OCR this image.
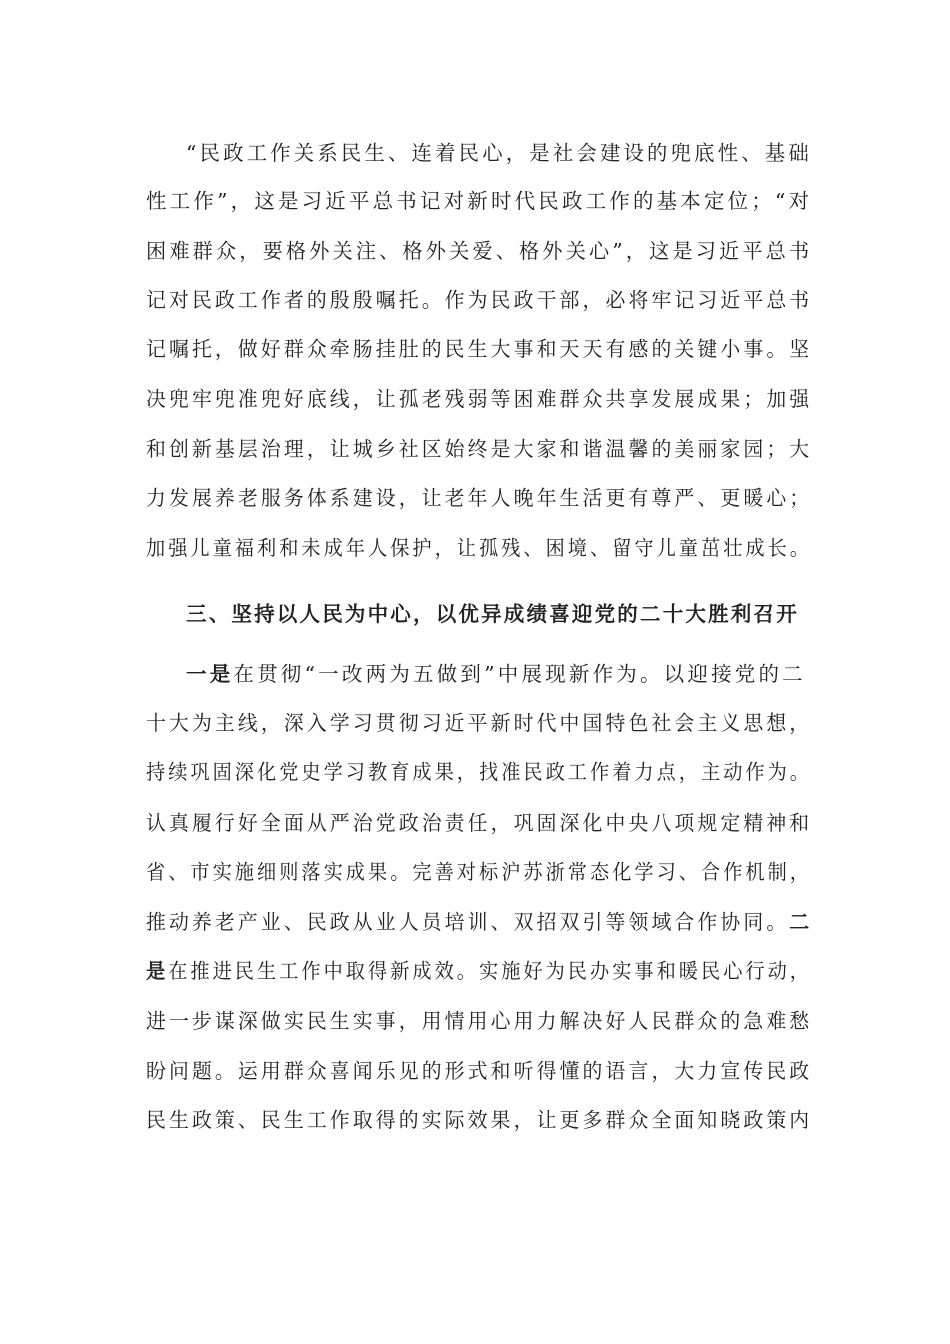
“民政工作关系民生、连着民心，是社会建设的兜底性、基础
性工作”，这是习近平总书记对新时代民政工作的基本定位；“对
困难群众，要格外关注、格外关爱、格外关心”，这是习近平总书
记对民政工作者的殷殷嘱托。作为民政干部，必将牢记习近平总书
记嘱托，做好群众牵肠挂肚的民生大事和天天有感的关键小事。坚
决兜牢兜准兜好底线，让孤老残弱等困难群众共享发展成果；加强
和创新基层治理，让城乡社区始终是大家和谐温馨的美丽家园；大
力发展养老服务体系建设，让老年人晚年生活更有尊严、更暖心；
加强儿童福利和未成年人保护，让孤残、困境、留守儿童茁壮成长。
三、坚持以人民为中心，以优异成绩喜迎党的二十大胜利召开
一是在贯彻“一改两为五做到”中展现新作为。以迎接党的二
十大为主线，深入学习贯彻习近平新时代中国特色社会主义思想，
持续巩固深化党史学习教育成果，找准民政工作着力点，主动作为。
认真履行好全面从严治党政治责任，巩固深化中央八项规定精神和
省、市实施细则落实成果。完善对标沪苏浙常态化学习、合作机制，
推动养老产业、民政从业人员培训、双招双引等领域合作协同。二
是在推进民生工作中取得新成效。实施好为民办实事和暖民心行动，
进一步谋深做实民生实事，用情用心用力解决好人民群众的急难愁
盼问题。运用群众喜闻乐见的形式和听得懂的语言，大力宣传民政
民生政策、民生工作取得的实际效果，让更多群众全面知晓政策内
